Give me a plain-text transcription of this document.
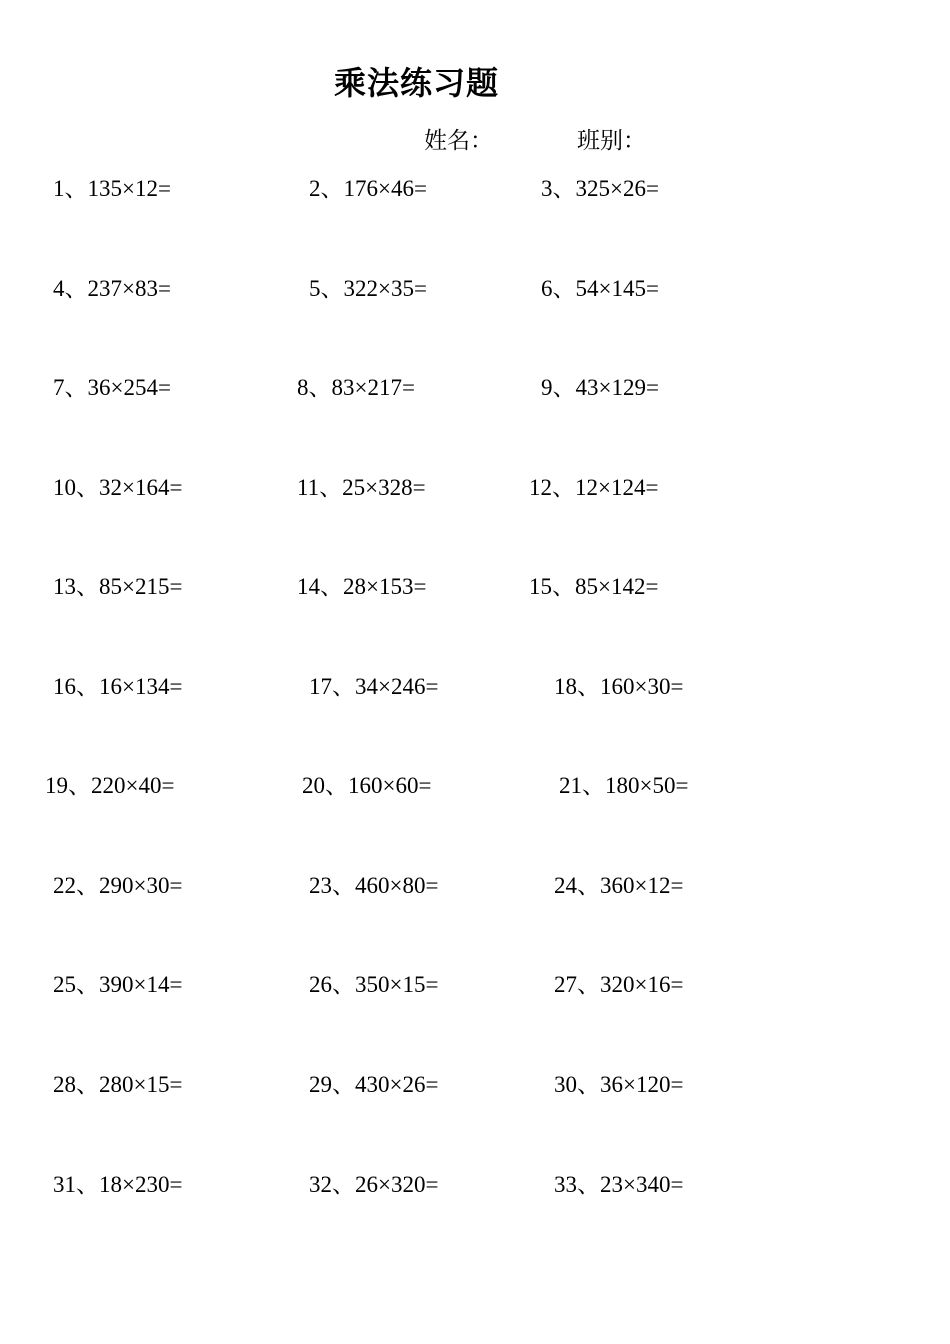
乘法练习题
姓名：	班别：
1、135×12=	2、176×46=	3、325×26=
4、237×83=	5、322×35=	6、54×145=
7、36×254=	8、83×217=	9、43×129=
10、32×164=	11、25×328=	12、12×124=
13、85×215=	14、28×153=	15、85×142=
16、16×134=	17、34×246=	18、160×30=
19、220×40=	20、160×60=	21、180×50=
22、290×30=	23、460×80=	24、360×12=
25、390×14=	26、350×15=	27、320×16=
28、280×15=	29、430×26=	30、36×120=
31、18×230=	32、26×320=	33、23×340=
